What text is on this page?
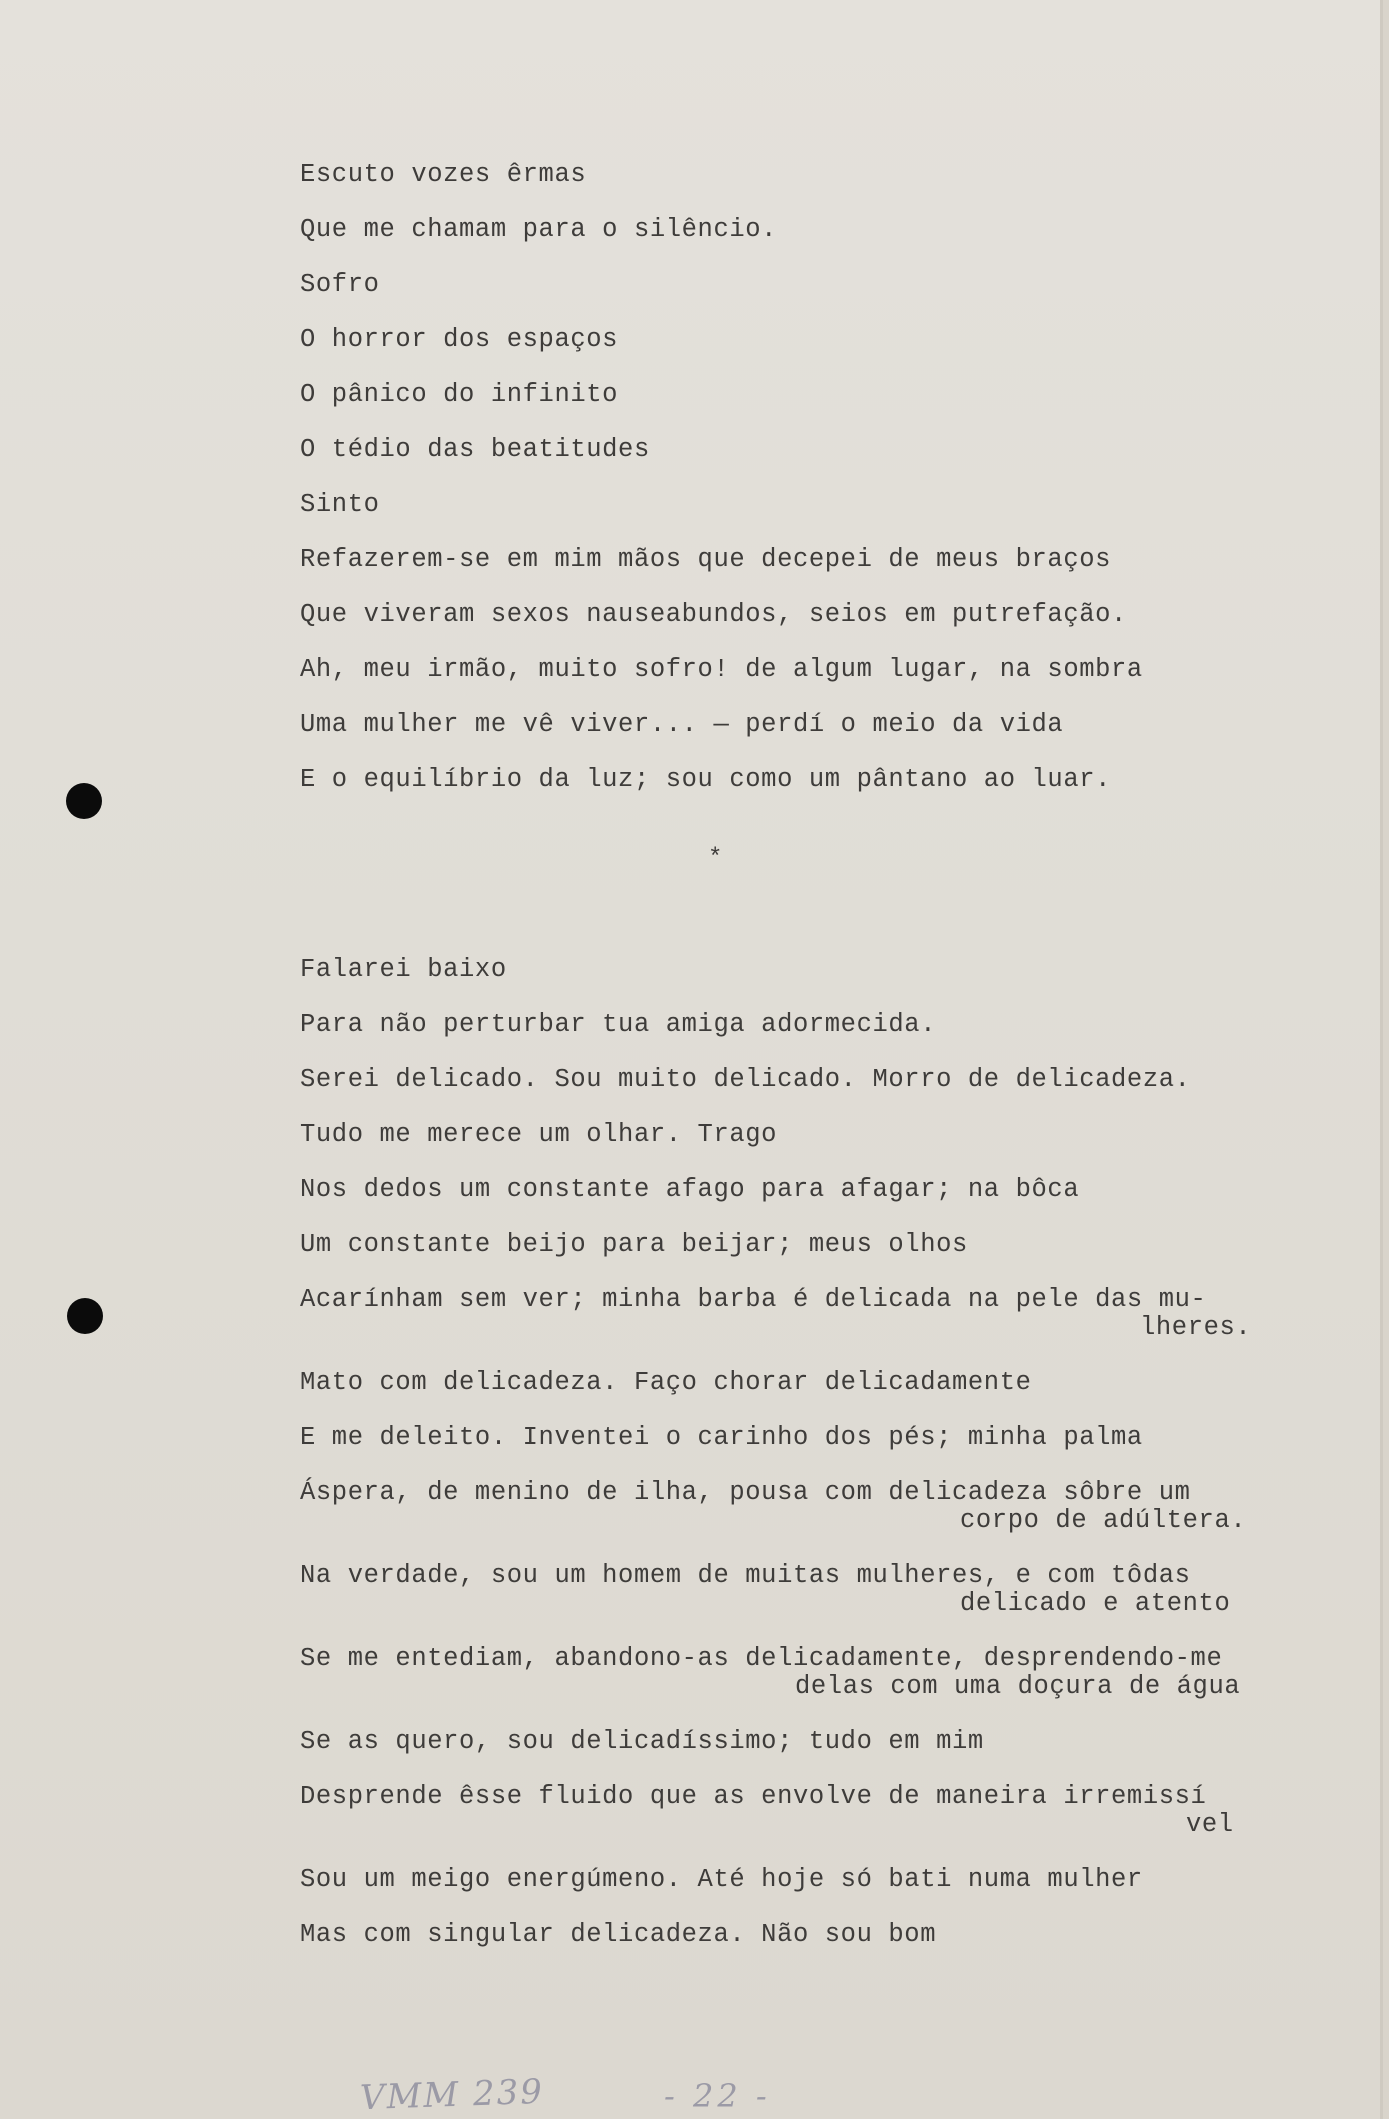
Escuto vozes êrmas
Que me chamam para o silêncio.
Sofro
O horror dos espaços
O pânico do infinito
O tédio das beatitudes
Sinto
Refazerem-se em mim mãos que decepei de meus braços
Que viveram sexos nauseabundos, seios em putrefação.
Ah, meu irmão, muito sofro! de algum lugar, na sombra
Uma mulher me vê viver... — perdí o meio da vida
E o equilíbrio da luz; sou como um pântano ao luar.
*
Falarei baixo
Para não perturbar tua amiga adormecida.
Serei delicado. Sou muito delicado. Morro de delicadeza.
Tudo me merece um olhar. Trago
Nos dedos um constante afago para afagar; na bôca
Um constante beijo para beijar; meus olhos
Acarínham sem ver; minha barba é delicada na pele das mu-
lheres.
Mato com delicadeza. Faço chorar delicadamente
E me deleito. Inventei o carinho dos pés; minha palma
Áspera, de menino de ilha, pousa com delicadeza sôbre um
corpo de adúltera.
Na verdade, sou um homem de muitas mulheres, e com tôdas
delicado e atento
Se me entediam, abandono-as delicadamente, desprendendo-me
delas com uma doçura de água
Se as quero, sou delicadíssimo; tudo em mim
Desprende êsse fluido que as envolve de maneira irremissí
vel
Sou um meigo energúmeno. Até hoje só bati numa mulher
Mas com singular delicadeza. Não sou bom
VMM 239	- 22 -
